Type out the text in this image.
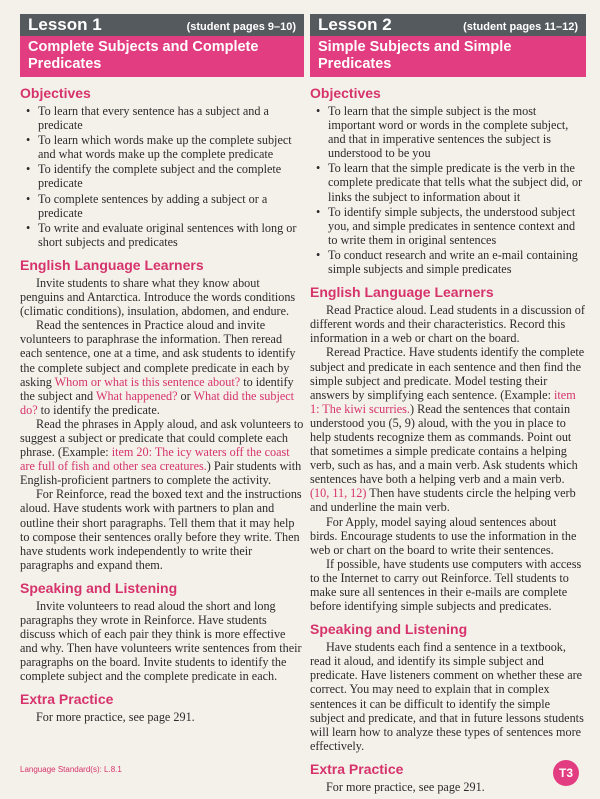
Lesson 1	(student pages 9–10)
Complete Subjects and Complete Predicates
Objectives
• To learn that every sentence has a subject and a predicate
• To learn which words make up the complete subject and what words make up the complete predicate
• To identify the complete subject and the complete predicate
• To complete sentences by adding a subject or a predicate
• To write and evaluate original sentences with long or short subjects and predicates
English Language Learners

Invite students to share what they know about penguins and Antarctica. Introduce the words conditions (climatic conditions), insulation, abdomen, and endure.

Read the sentences in Practice aloud and invite volunteers to paraphrase the information. Then reread each sentence, one at a time, and ask students to identify the complete subject and complete predicate in each by asking Whom or what is this sentence about? to identify the subject and What happened? or What did the subject do? to identify the predicate.

Read the phrases in Apply aloud, and ask volunteers to suggest a subject or predicate that could complete each phrase. (Example: item 20: The icy waters off the coast are full of fish and other sea creatures.) Pair students with English-proficient partners to complete the activity.

For Reinforce, read the boxed text and the instructions aloud. Have students work with partners to plan and outline their short paragraphs. Tell them that it may help to compose their sentences orally before they write. Then have students work independently to write their paragraphs and expand them.

Speaking and Listening

Invite volunteers to read aloud the short and long paragraphs they wrote in Reinforce. Have students discuss which of each pair they think is more effective and why. Then have volunteers write sentences from their paragraphs on the board. Invite students to identify the complete subject and the complete predicate in each.

Extra Practice

For more practice, see page 291.

Lesson 2	(student pages 11–12)
Simple Subjects and Simple Predicates
Objectives
• To learn that the simple subject is the most important word or words in the complete subject, and that in imperative sentences the subject is understood to be you
• To learn that the simple predicate is the verb in the complete predicate that tells what the subject did, or links the subject to information about it
• To identify simple subjects, the understood subject you, and simple predicates in sentence context and to write them in original sentences
• To conduct research and write an e-mail containing simple subjects and simple predicates
English Language Learners

Read Practice aloud. Lead students in a discussion of different words and their characteristics. Record this information in a web or chart on the board.

Reread Practice. Have students identify the complete subject and predicate in each sentence and then find the simple subject and predicate. Model testing their answers by simplifying each sentence. (Example: item 1: The kiwi scurries.) Read the sentences that contain understood you (5, 9) aloud, with the you in place to help students recognize them as commands. Point out that sometimes a simple predicate contains a helping verb, such as has, and a main verb. Ask students which sentences have both a helping verb and a main verb. (10, 11, 12) Then have students circle the helping verb and underline the main verb.

For Apply, model saying aloud sentences about birds. Encourage students to use the information in the web or chart on the board to write their sentences.

If possible, have students use computers with access to the Internet to carry out Reinforce. Tell students to make sure all sentences in their e-mails are complete before identifying simple subjects and predicates.

Speaking and Listening

Have students each find a sentence in a textbook, read it aloud, and identify its simple subject and predicate. Have listeners comment on whether these are correct. You may need to explain that in complex sentences it can be difficult to identify the simple subject and predicate, and that in future lessons students will learn how to analyze these types of sentences more effectively.

Extra Practice

For more practice, see page 291.

Language Standard(s): L.8.1	T3
